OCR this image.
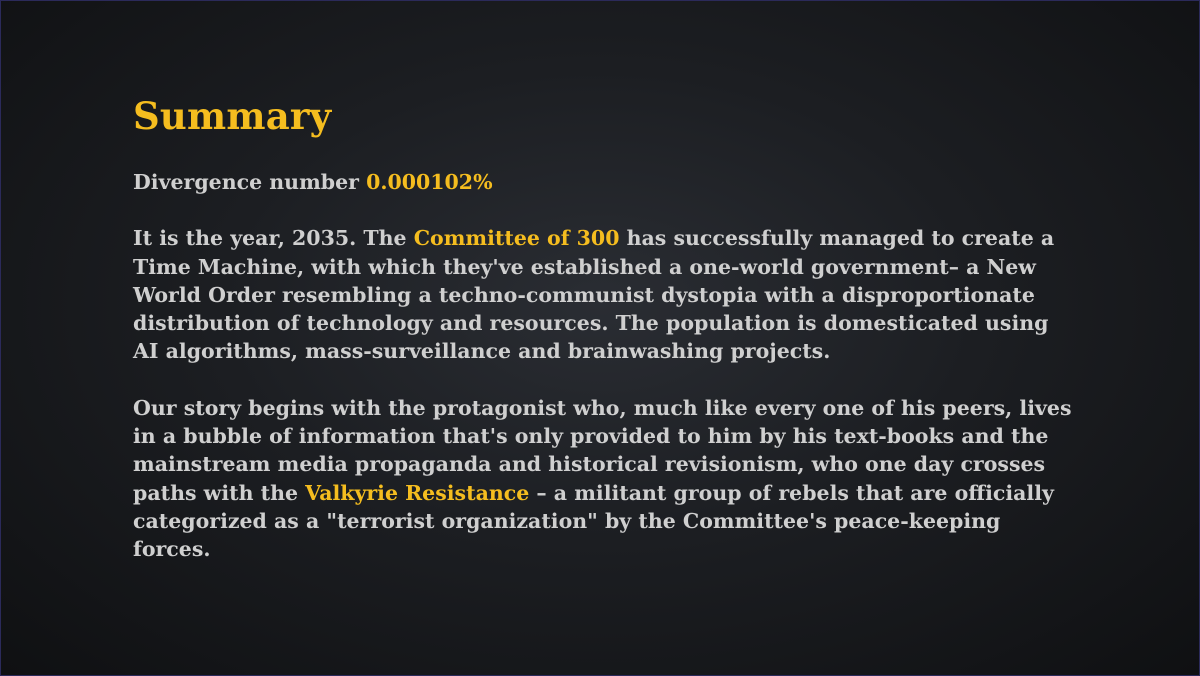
Summary

Divergence number 0.000102%

It is the year, 2035. The Committee of 300 has successfully managed to create a Time Machine, with which they've established a one-world government– a New World Order resembling a techno-communist dystopia with a disproportionate distribution of technology and resources. The population is domesticated using AI algorithms, mass-surveillance and brainwashing projects.

Our story begins with the protagonist who, much like every one of his peers, lives in a bubble of information that's only provided to him by his text-books and the mainstream media propaganda and historical revisionism, who one day crosses paths with the Valkyrie Resistance – a militant group of rebels that are officially categorized as a "terrorist organization" by the Committee's peace-keeping forces.
